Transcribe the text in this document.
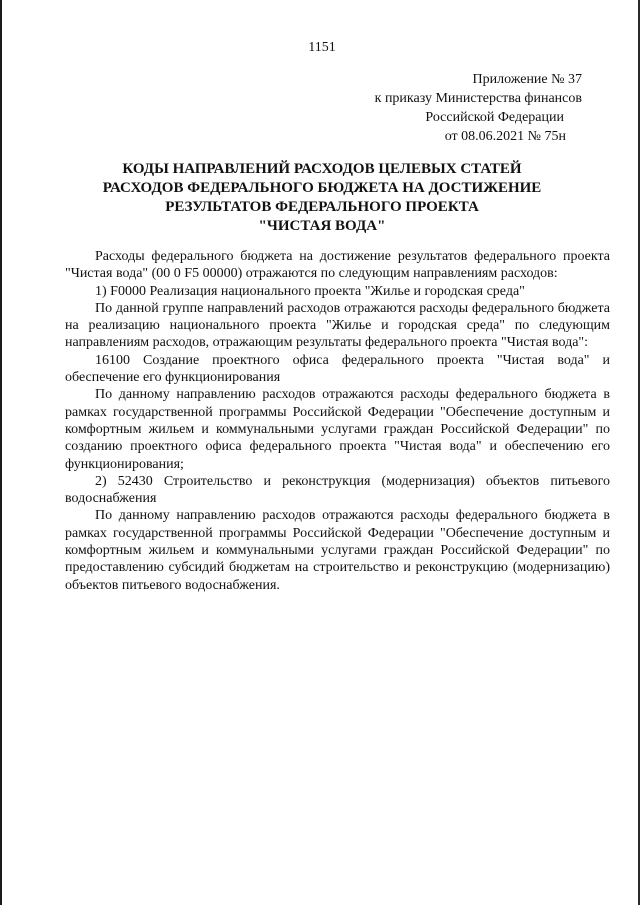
1151
Приложение № 37
к приказу Министерства финансов
Российской Федерации
от 08.06.2021 № 75н
КОДЫ НАПРАВЛЕНИЙ РАСХОДОВ ЦЕЛЕВЫХ СТАТЕЙ
РАСХОДОВ ФЕДЕРАЛЬНОГО БЮДЖЕТА НА ДОСТИЖЕНИЕ
РЕЗУЛЬТАТОВ ФЕДЕРАЛЬНОГО ПРОЕКТА
"ЧИСТАЯ ВОДА"

Расходы федерального бюджета на достижение результатов федерального проекта "Чистая вода" (00 0 F5 00000) отражаются по следующим направлениям расходов:

1) F0000 Реализация национального проекта "Жилье и городская среда"

По данной группе направлений расходов отражаются расходы федерального бюджета на реализацию национального проекта "Жилье и городская среда" по следующим направлениям расходов, отражающим результаты федерального проекта "Чистая вода":

16100 Создание проектного офиса федерального проекта "Чистая вода" и обеспечение его функционирования

По данному направлению расходов отражаются расходы федерального бюджета в рамках государственной программы Российской Федерации "Обеспечение доступным и комфортным жильем и коммунальными услугами граждан Российской Федерации" по созданию проектного офиса федерального проекта "Чистая вода" и обеспечению его функционирования;

2) 52430 Строительство и реконструкция (модернизация) объектов питьевого водоснабжения

По данному направлению расходов отражаются расходы федерального бюджета в рамках государственной программы Российской Федерации "Обеспечение доступным и комфортным жильем и коммунальными услугами граждан Российской Федерации" по предоставлению субсидий бюджетам на строительство и реконструкцию (модернизацию) объектов питьевого водоснабжения.
